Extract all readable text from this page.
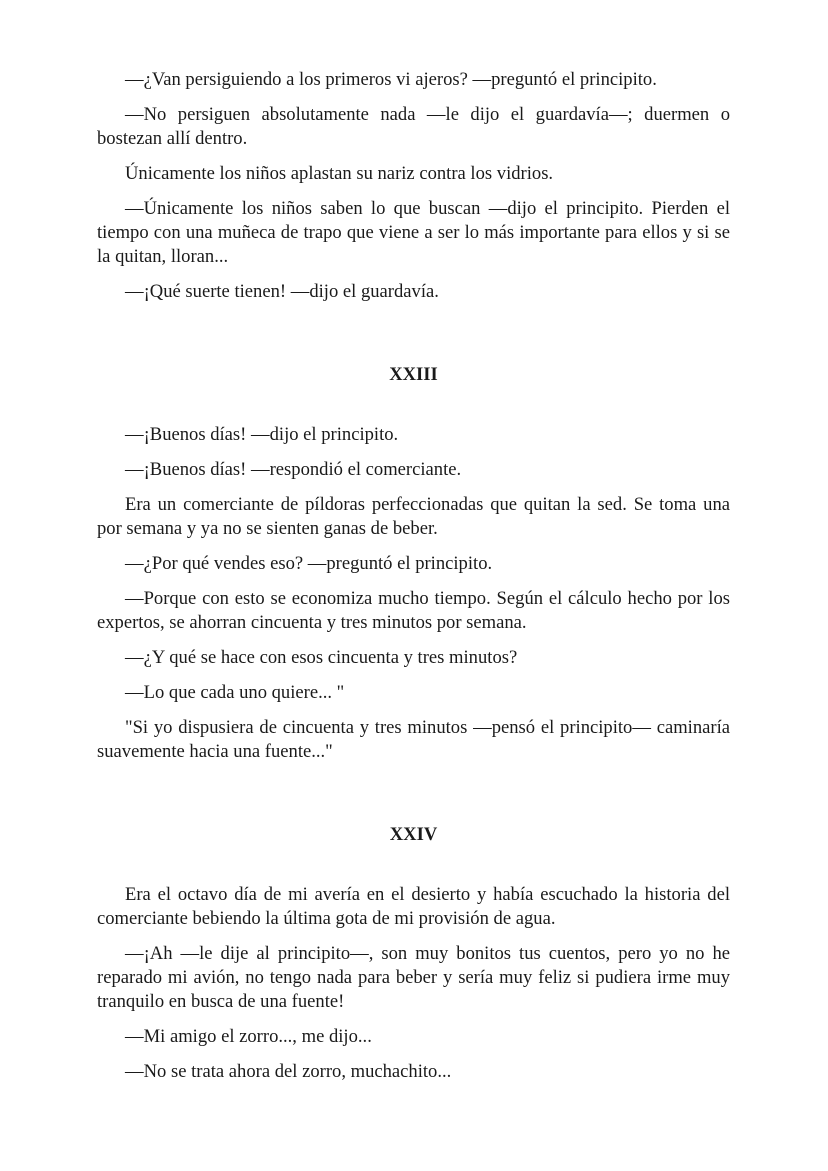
—¿Van persiguiendo a los primeros vi ajeros? —preguntó el principito.

—No persiguen absolutamente nada —le dijo el guardavía—; duermen o bostezan allí dentro.

Únicamente los niños aplastan su nariz contra los vidrios.

—Únicamente los niños saben lo que buscan —dijo el principito. Pierden el tiempo con una muñeca de trapo que viene a ser lo más importante para ellos y si se la quitan, lloran...

—¡Qué suerte tienen! —dijo el guardavía.

XXIII

—¡Buenos días! —dijo el principito.

—¡Buenos días! —respondió el comerciante.

Era un comerciante de píldoras perfeccionadas que quitan la sed. Se toma una por semana y ya no se sienten ganas de beber.

—¿Por qué vendes eso? —preguntó el principito.

—Porque con esto se economiza mucho tiempo. Según el cálculo hecho por los expertos, se ahorran cincuenta y tres minutos por semana.

—¿Y qué se hace con esos cincuenta y tres minutos?

—Lo que cada uno quiere... "

"Si yo dispusiera de cincuenta y tres minutos —pensó el principito— caminaría suavemente hacia una fuente..."

XXIV

Era el octavo día de mi avería en el desierto y había escuchado la historia del comerciante bebiendo la última gota de mi provisión de agua.

—¡Ah —le dije al principito—, son muy bonitos tus cuentos, pero yo no he reparado mi avión, no tengo nada para beber y sería muy feliz si pudiera irme muy tranquilo en busca de una fuente!

—Mi amigo el zorro..., me dijo...

—No se trata ahora del zorro, muchachito...
